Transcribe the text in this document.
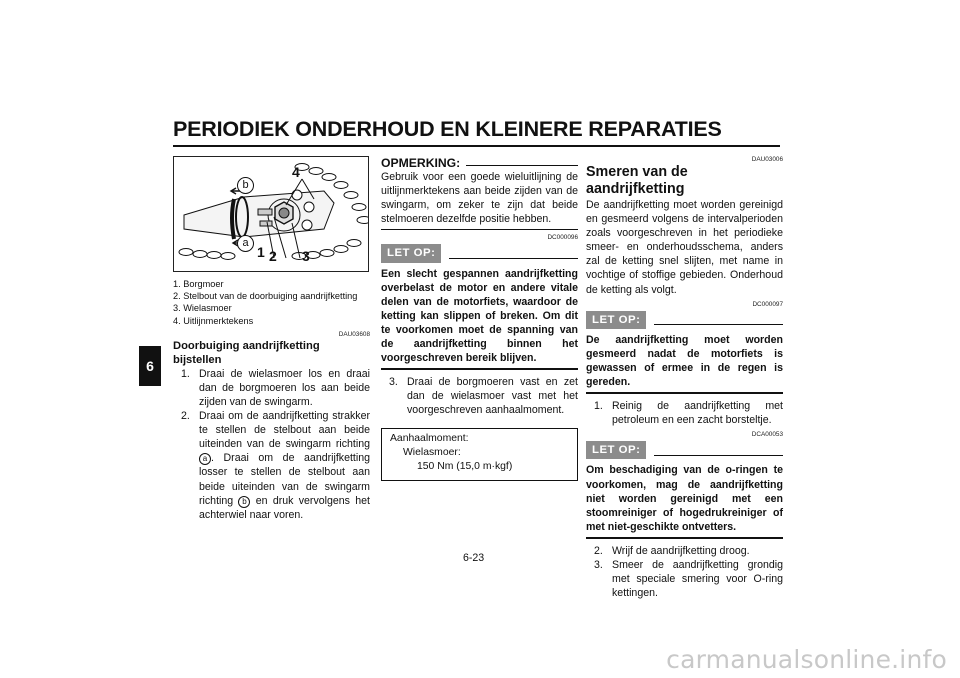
PERIODIEK ONDERHOUD EN KLEINERE REPARATIES
6
b
a
1 2 3
4
1. Borgmoer
2. Stelbout van de doorbuiging aandrijfketting
3. Wielasmoer
4. Uitlijnmerktekens
DAU03608
Doorbuiging aandrijfketting bijstellen
1. Draai de wielasmoer los en draai dan de borgmoeren los aan beide zijden van de swingarm.
2. Draai om de aandrijfketting strakker te stellen de stelbout aan beide uiteinden van de swingarm richting a . Draai om de aandrijfketting losser te stellen de stelbout aan beide uiteinden van de swingarm richting b en druk vervolgens het achterwiel naar voren.
OPMERKING:
Gebruik voor een goede wieluitlijning de uitlijnmerktekens aan beide zijden van de swingarm, om zeker te zijn dat beide stelmoeren dezelfde positie hebben.
DC000096
LET OP:
Een slecht gespannen aandrijfketting overbelast de motor en andere vitale delen van de motorfiets, waardoor de ketting kan slippen of breken. Om dit te voorkomen moet de spanning van de aandrijfketting binnen het voorgeschreven bereik blijven.
3. Draai de borgmoeren vast en zet dan de wielasmoer vast met het voorgeschreven aanhaalmoment.
Aanhaalmoment:
Wielasmoer:
150 Nm (15,0 m·kgf)
DAU03006
Smeren van de aandrijfketting
De aandrijfketting moet worden gereinigd en gesmeerd volgens de intervalperioden zoals voorgeschreven in het periodieke smeer- en onderhoudsschema, anders zal de ketting snel slijten, met name in vochtige of stoffige gebieden. Onderhoud de ketting als volgt.
DC000097
LET OP:
De aandrijfketting moet worden gesmeerd nadat de motorfiets is gewassen of ermee in de regen is gereden.
1. Reinig de aandrijfketting met petroleum en een zacht borsteltje.
DCA00053
LET OP:
Om beschadiging van de o-ringen te voorkomen, mag de aandrijfketting niet worden gereinigd met een stoomreiniger of hogedrukreiniger of met niet-geschikte ontvetters.
2. Wrijf de aandrijfketting droog.
3. Smeer de aandrijfketting grondig met speciale smering voor O-ring kettingen.
6-23
carmanualsonline.info
